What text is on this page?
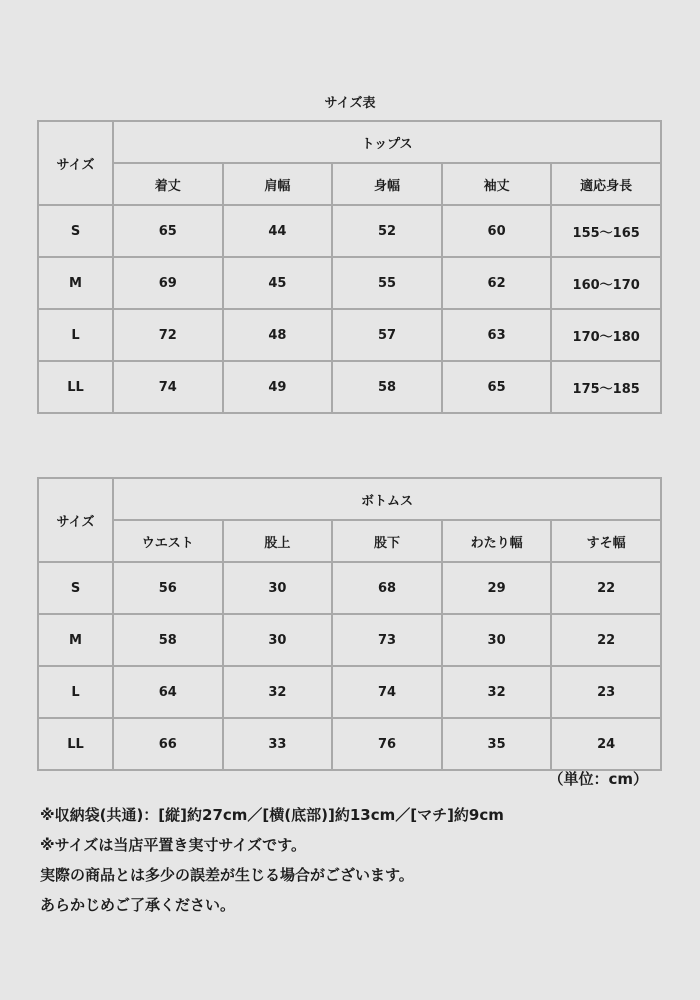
サイズ表
サイズ	トップス				
	着丈	肩幅	身幅	袖丈	適応身長
S	65	44	52	60	155～165
M	69	45	55	62	160～170
L	72	48	57	63	170～180
LL	74	49	58	65	175～185
サイズ	ボトムス				
	ウエスト	股上	股下	わたり幅	すそ幅
S	56	30	68	29	22
M	58	30	73	30	22
L	64	32	74	32	23
LL	66	33	76	35	24
（単位：cm）
※収納袋(共通)：[縦]約27cm／[横(底部)]約13cm／[マチ]約9cm
※サイズは当店平置き実寸サイズです。
実際の商品とは多少の誤差が生じる場合がございます。
あらかじめご了承ください。
